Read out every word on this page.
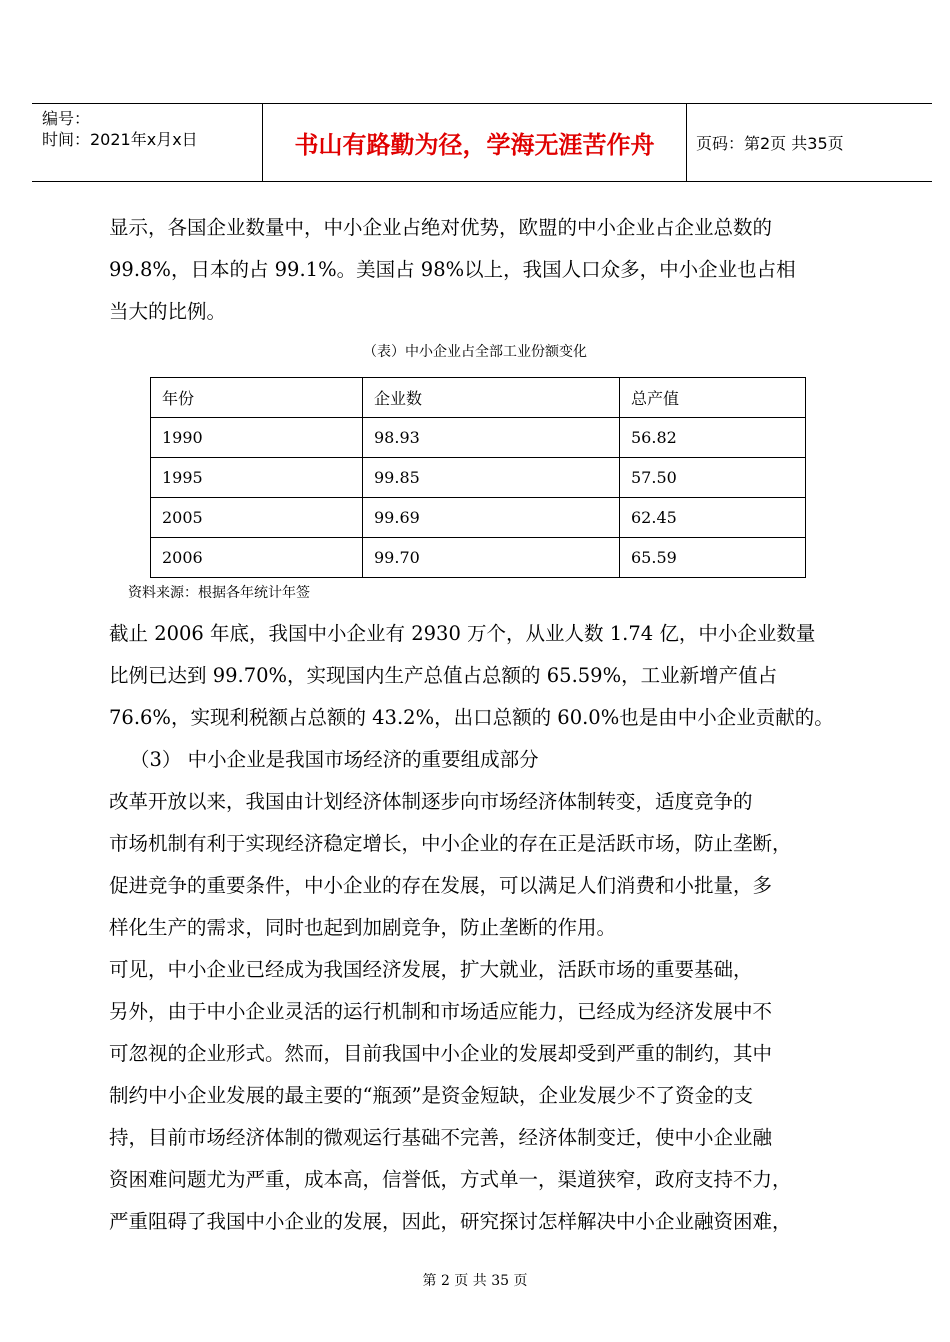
编号：
时间：2021年x月x日	书山有路勤为径，学海无涯苦作舟	页码：第2页 共35页

显示，各国企业数量中，中小企业占绝对优势，欧盟的中小企业占企业总数的

99.8%，日本的占 99.1%。美国占 98%以上，我国人口众多，中小企业也占相

当大的比例。

（表）中小企业占全部工业份额变化
年份	企业数	总产值
1990	98.93	56.82
1995	99.85	57.50
2005	99.69	62.45
2006	99.70	65.59
资料来源：根据各年统计年签

截止 2006 年底，我国中小企业有 2930 万个，从业人数 1.74 亿，中小企业数量

比例已达到 99.70%，实现国内生产总值占总额的 65.59%，工业新增产值占

76.6%，实现利税额占总额的 43.2%，出口总额的 60.0%也是由中小企业贡献的。

（3） 中小企业是我国市场经济的重要组成部分

改革开放以来，我国由计划经济体制逐步向市场经济体制转变，适度竞争的

市场机制有利于实现经济稳定增长，中小企业的存在正是活跃市场，防止垄断，

促进竞争的重要条件，中小企业的存在发展，可以满足人们消费和小批量，多

样化生产的需求，同时也起到加剧竞争，防止垄断的作用。

可见，中小企业已经成为我国经济发展，扩大就业，活跃市场的重要基础，

另外，由于中小企业灵活的运行机制和市场适应能力，已经成为经济发展中不

可忽视的企业形式。然而，目前我国中小企业的发展却受到严重的制约，其中

制约中小企业发展的最主要的“瓶颈”是资金短缺，企业发展少不了资金的支

持，目前市场经济体制的微观运行基础不完善，经济体制变迁，使中小企业融

资困难问题尤为严重，成本高，信誉低，方式单一，渠道狭窄，政府支持不力，

严重阻碍了我国中小企业的发展，因此，研究探讨怎样解决中小企业融资困难，

第 2 页 共 35 页
